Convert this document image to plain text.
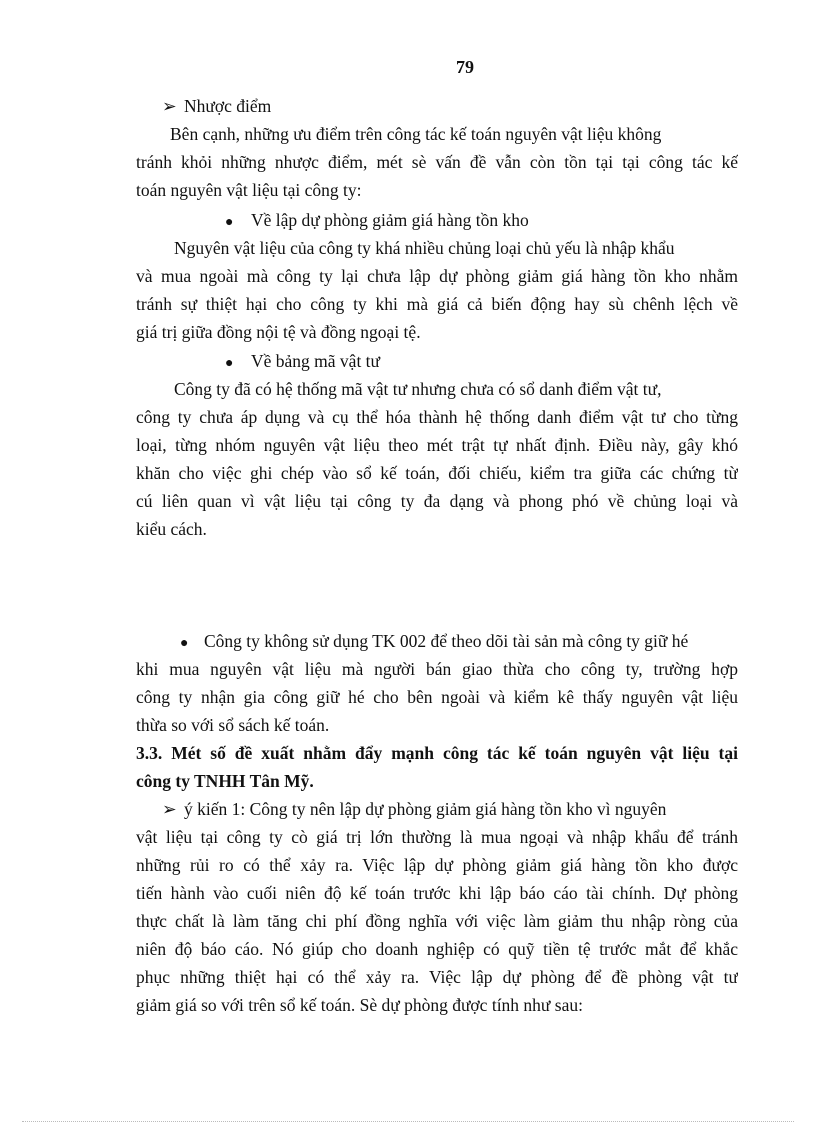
79
➢ Nhược điểm
Bên cạnh, những ưu điểm trên công tác kế toán nguyên vật liệu không
tránh khỏi những nhược điểm, mét sè vấn đề vẫn còn tồn tại tại công tác kế
toán nguyên vật liệu tại công ty:
● Về lập dự phòng giảm giá hàng tồn kho
Nguyên vật liệu của công ty khá nhiều chủng loại chủ yếu là nhập khẩu
và mua ngoài mà công ty lại chưa lập dự phòng giảm giá hàng tồn kho nhằm
tránh sự thiệt hại cho công ty khi mà giá cả biến động hay sù chênh lệch về
giá trị giữa đồng nội tệ và đồng ngoại tệ.
● Về bảng mã vật tư
Công ty đã có hệ thống mã vật tư nhưng chưa có sổ danh điểm vật tư,
công ty chưa áp dụng và cụ thể hóa thành hệ thống danh điểm vật tư cho từng
loại, từng nhóm nguyên vật liệu theo mét trật tự nhất định. Điều này, gây khó
khăn cho việc ghi chép vào sổ kế toán, đối chiếu, kiểm tra giữa các chứng từ
cú liên quan vì vật liệu tại công ty đa dạng và phong phó về chủng loại và
kiểu cách.
● Công ty không sử dụng TK 002 để theo dõi tài sản mà công ty giữ hé
khi mua nguyên vật liệu mà người bán giao thừa cho công ty, trường hợp
công ty nhận gia công giữ hé cho bên ngoài và kiểm kê thấy nguyên vật liệu
thừa so với sổ sách kế toán.
3.3. Mét số đề xuất nhằm đẩy mạnh công tác kế toán nguyên vật liệu tại
công ty TNHH Tân Mỹ.
➢ ý kiến 1: Công ty nên lập dự phòng giảm giá hàng tồn kho vì nguyên
vật liệu tại công ty cò giá trị lớn thường là mua ngoại và nhập khẩu để tránh
những rủi ro có thể xảy ra. Việc lập dự phòng giảm giá hàng tồn kho được
tiến hành vào cuối niên độ kế toán trước khi lập báo cáo tài chính. Dự phòng
thực chất là làm tăng chi phí đồng nghĩa với việc làm giảm thu nhập ròng của
niên độ báo cáo. Nó giúp cho doanh nghiệp có quỹ tiền tệ trước mắt để khắc
phục những thiệt hại có thể xảy ra. Việc lập dự phòng để đề phòng vật tư
giảm giá so với trên sổ kế toán. Sè dự phòng được tính như sau:
